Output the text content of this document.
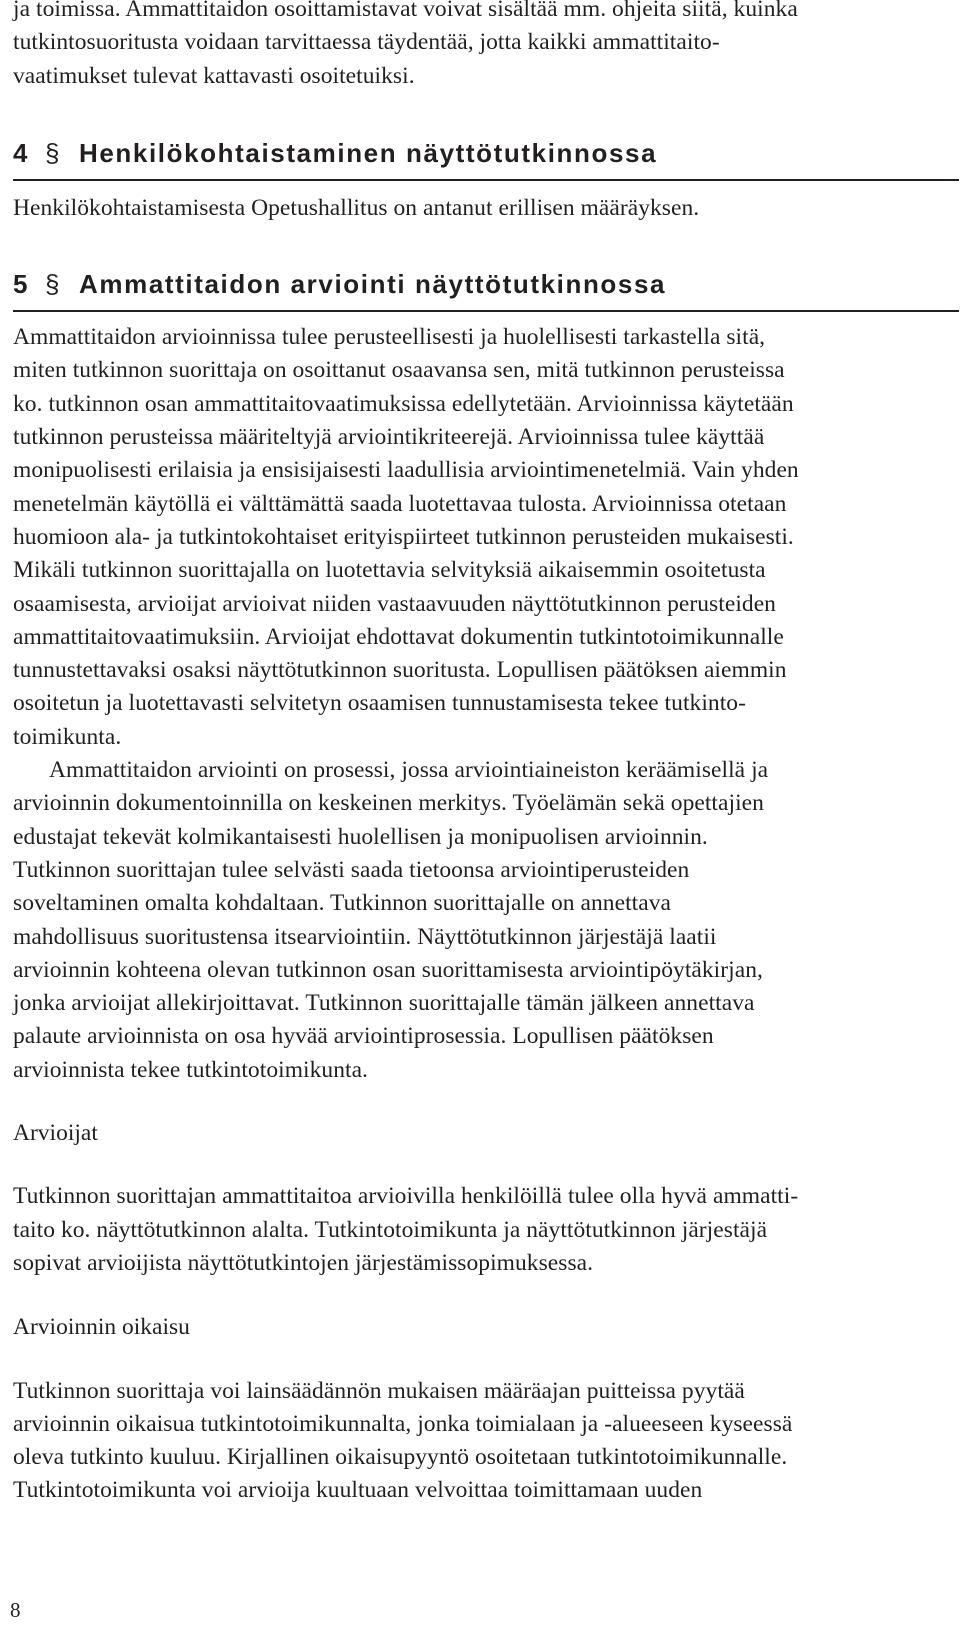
ja toimissa. Ammattitaidon osoittamistavat voivat sisältää mm. ohjeita siitä, kuinka
tutkintosuoritusta voidaan tarvittaessa täydentää, jotta kaikki ammattitaito-
vaatimukset tulevat kattavasti osoitetuiksi.

4 § Henkilökohtaistaminen näyttötutkinnossa

Henkilökohtaistamisesta Opetushallitus on antanut erillisen määräyksen.

5 § Ammattitaidon arviointi näyttötutkinnossa

Ammattitaidon arvioinnissa tulee perusteellisesti ja huolellisesti tarkastella sitä,
miten tutkinnon suorittaja on osoittanut osaavansa sen, mitä tutkinnon perusteissa
ko. tutkinnon osan ammattitaitovaatimuksissa edellytetään. Arvioinnissa käytetään
tutkinnon perusteissa määriteltyjä arviointikriteerejä. Arvioinnissa tulee käyttää
monipuolisesti erilaisia ja ensisijaisesti laadullisia arviointimenetelmiä. Vain yhden
menetelmän käytöllä ei välttämättä saada luotettavaa tulosta. Arvioinnissa otetaan
huomioon ala- ja tutkintokohtaiset erityispiirteet tutkinnon perusteiden mukaisesti.
Mikäli tutkinnon suorittajalla on luotettavia selvityksiä aikaisemmin osoitetusta
osaamisesta, arvioijat arvioivat niiden vastaavuuden näyttötutkinnon perusteiden
ammattitaitovaatimuksiin. Arvioijat ehdottavat dokumentin tutkintotoimikunnalle
tunnustettavaksi osaksi näyttötutkinnon suoritusta. Lopullisen päätöksen aiemmin
osoitetun ja luotettavasti selvitetyn osaamisen tunnustamisesta tekee tutkinto-
toimikunta.

Ammattitaidon arviointi on prosessi, jossa arviointiaineiston keräämisellä ja
arvioinnin dokumentoinnilla on keskeinen merkitys. Työelämän sekä opettajien
edustajat tekevät kolmikantaisesti huolellisen ja monipuolisen arvioinnin.
Tutkinnon suorittajan tulee selvästi saada tietoonsa arviointiperusteiden
soveltaminen omalta kohdaltaan. Tutkinnon suorittajalle on annettava
mahdollisuus suoritustensa itsearviointiin. Näyttötutkinnon järjestäjä laatii
arvioinnin kohteena olevan tutkinnon osan suorittamisesta arviointipöytäkirjan,
jonka arvioijat allekirjoittavat. Tutkinnon suorittajalle tämän jälkeen annettava
palaute arvioinnista on osa hyvää arviointiprosessia. Lopullisen päätöksen
arvioinnista tekee tutkintotoimikunta.

Arvioijat

Tutkinnon suorittajan ammattitaitoa arvioivilla henkilöillä tulee olla hyvä ammatti-
taito ko. näyttötutkinnon alalta. Tutkintotoimikunta ja näyttötutkinnon järjestäjä
sopivat arvioijista näyttötutkintojen järjestämissopimuksessa.

Arvioinnin oikaisu

Tutkinnon suorittaja voi lainsäädännön mukaisen määräajan puitteissa pyytää
arvioinnin oikaisua tutkintotoimikunnalta, jonka toimialaan ja -alueeseen kyseessä
oleva tutkinto kuuluu. Kirjallinen oikaisupyyntö osoitetaan tutkintotoimikunnalle.
Tutkintotoimikunta voi arvioija kuultuaan velvoittaa toimittamaan uuden

8
